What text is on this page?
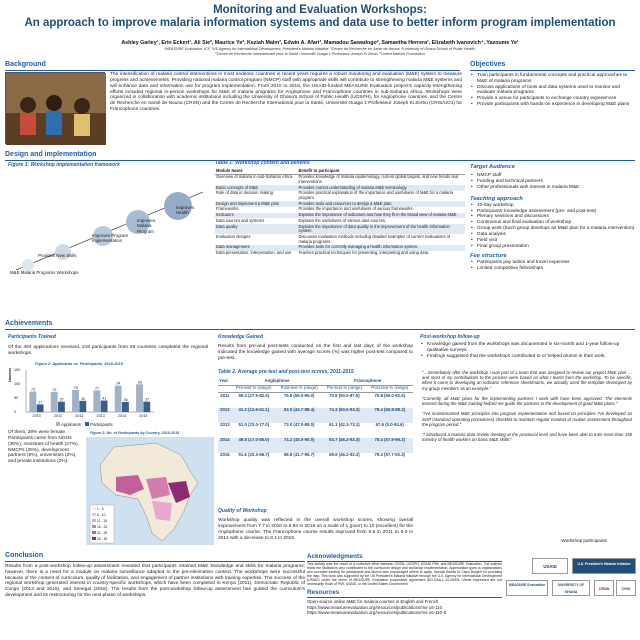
Monitoring and Evaluation Workshops:
An approach to improve malaria information systems and data use to better inform program implementation
Ashley Garley¹, Erin Eckert¹, Ali Sie², Maurice Ye², Keziah Malm³, Edwin A. Afari³, Mamadou Sawadogo², Samantha Herrera¹, Elizabeth Ivanovich⁴, Yazoume Ye¹
¹MEASURE Evaluation, ICF, ²US Agency for International Development, President's Malaria Initiative, ³Centre de Recherche en Santé de Nouna, ⁴University of Ghana School of Public Health,
⁵Centre de Recherche Internationale pour la Santé Université Ouaga 1 Professeur Joseph Ki Zerbo, ⁶United Nations Foundation
Background

The intensification of malaria control interventions in most endemic countries in recent years requires a robust monitoring and evaluation (M&E) system to measure progress and achievements. Providing national malaria control program (NMCP) staff with appropriate skills will contribute to strengthening malaria M&E systems and will enhance data and information use for program implementation. From 2010 to 2015, the USAID-funded MEASURE Evaluation project's capacity-strengthening efforts included regional in-person workshops for M&E of malaria programs for Anglophone and Francophone countries in sub-Saharan Africa. Workshops were organized in collaboration with academic institutions including the University of Ghana's School of Public Health (UGSPH), for Anglophone countries, and the Centre de Recherche en Santé de Nouna (CRSN) and the Centre de Recherche International pour la Santé, Université Ouaga 1 Professeur Joseph Ki Zerbo (CRIS/UO1) for Francophone countries.

Objectives
• Train participants in fundamental concepts and practical approaches to M&E of malaria programs
• Discuss applications of tools and data systems used to monitor and evaluate malaria programs
• Provide a venue for participants to exchange country experiences
• Provide participants with hands-on experience in developing M&E plans
Design and implementation
Figure 1: Workshop implementation framework
M&E Malaria Programs Workshops
Provides New Skills
Improves Program Implementation
Improves Malaria Program
Improves Health
Table 1: Workshop content and benefits
Module Name	Benefit to participant
Overview of malaria in sub-Saharan Africa	Provides knowledge of malaria epidemiology, current global targets, and new trends and interventions.
Basic concepts of M&E	Provides correct understanding of malaria M&E terminology.
Role of data in decision making	Provides practical explanation of the importance and usefulness of M&E for a malaria program.
Design and implement a M&E plan	Provides tools and resources to design a M&E plan.
Frameworks	Provides the importance and usefulness of various frameworks.
Indicators	Explains the importance of indicators and how they fit in the broad view of malaria M&E.
Data sources and systems	Explains the usefulness of various data sources.
Data quality	Explains the importance of data quality in the improvement of the health information system.
Evaluation designs	Discusses evaluation methods including detailed examples of current evaluations of malaria programs.
Data management	Provides tools for correctly managing a health information system.
Data presentation, interpretation, and use	Teaches practical techniques for presenting, interpreting and using data.
Target Audience
• NMCP staff
• Funding and technical partners
• Other professionals with interest in malaria M&E
Teaching approach
• 10-day workshop
• Participants' knowledge assessment (pre- and post-test)
• Plenary sessions and discussions
• Continuous and final evaluation of workshop
• Group work (Each group develops an M&E plan for a malaria intervention)
• Data analysis
• Field visit
• Final group presentation
Fee structure
• Participants pay tuition and travel expenses
• Limited competitive fellowships
Achievements
Participants Trained

Of the 494 applications received, 218 participants from 28 countries completed the regional workshops.

Figure 2: Applicants vs. Participants, 2010-2015
73
27
2010
72
37
2011
79
40
2012
77
41
2013
94
36
2014
99
37
2015
Number
0
50
100
150
Applicants Participants

Of them, 28% were female. Participants came from NGOs (36%), ministries of health (27%), NMCPs (25%), development partners (8%), universities (2%), and private institutions (2%).

Figure 3: No. of Participants by Country, 2010-2015
1 - 5
6 - 10
11 - 15
16 - 20
21 - 25
26 - 30
Knowledge Gained

Results from pre-and post-tests conducted on the first and last days of the workshop indicated the knowledge gained with average scores (%) was higher post-test compared to pre-test.

Table 2. Average pre-test and post-test scores, 2011-2015
Year	Anglophone		Francophone	
	Pre-test % (range)	Post-test % (range)	Pre-test % (range)	Post-test % (range)
2011	59.3 (27.5-82.5)	75.8 (55.0-95.0)	70.9 (50.0-87.5)	75.8 (60.0-92.5)
2012	41.2 (12.6-61.1)	63.0 (44.7-88.4)	74.3 (50.0-93.3)	79.4 (60.8-88.3)
2013	51.0 (23.0-77.0)	73.0 (47.0-88.0)	61.1 (42.3-73.1)	67.6 (0.0-84.6)
2014	49.8 (17.0-85.0)	74.2 (45.0-90.0)	63.7 (46.2-92.3)	75.4 (57.9-96.2)
2015	51.6 (23.3-66.7)	68.8 (41.7-96.7)	69.9 (46.2-92.3)	79.4 (57.7-92.3)
Quality of Workshop

Workshop quality was reflected in the overall workshop scores, showing overall improvement from 7.7 in 2010 to 8.94 in 2015 on a scale of 1 (poor) to 10 (excellent) for the Anglophone course. The Francophone course results improved from 8.5 in 2011 to 9.3 in 2014 with a decrease to 8.1 in 2015.

Post-workshop follow-up
• Knowledge gained from the workshops was documented in six-month and 1-year follow-up qualitative surveys.
• Findings suggested that the workshops contributed to or helped alumni in their work.

"…immediately after the workshop I was part of a team that was assigned to review our project M&E plan … and most of my contributions to the process were based on what I learnt from the workshop. To be specific, when it came to developing an indicator reference sheet/matrix, we actually used the template developed by my group members as an example."

"Currently, all M&E plans for the implementing partners I work with have been approved. The elements learned during the M&E training helped me guide the partners in the development of good M&E plans."

"I've mainstreamed M&E principles into program implementation and based on principles I've developed an SOP (standard operating procedures) checklist to maintain regular conduct of routine assessment throughout the program period."

"I introduced a malaria data review meeting at the provincial level and have been able to train more than 150 ministry of health workers on basic M&E skills."

-Workshop participants
Conclusion

Results from a post-workshop follow-up assessment revealed that participants retained M&E knowledge and skills for malaria programs; however, there is a need for a module on malaria surveillance adapted to the pre-elimination context. The workshops were successful because of the content of curriculum, quality of facilitation, and engagement of partner institutions with training expertise. The success of the regional workshop generated interest in country-specific workshops, which have been completed in Kenya (2011), Democratic Republic of Congo (2013 and 2015), and Senegal (2016). The results from the post-workshop follow-up assessment has guided the curriculum's development and its restructuring for the next phase of workshops.

Acknowledgments

This activity was the result of a collective effort between CRSN, UGSPH, USAID PMI, and MEASURE Evaluation. The authors thank the facilitators who contributed to the curriculum design and workshop implementation. Appreciation goes to organizations who provided funding for participants and alumni who encouraged others to apply. Special thanks to Clara Burgert for providing the map. This work was supported by the US President's Malaria Initiative through the U.S. Agency for International Development (USAID) under the terms of MEASURE Evaluation cooperative agreement AID-OAA-L-14-00004. Views expressed are not necessarily those of PMI, USAID, or the United States Government.

Resources
Open-source online M&E for malaria courses in English and French
https://www.measureevaluation.org/resources/publications/ms-16-110
https://www.measureevaluation.org/resources/publications/ms-16-110-fr
USAID
U.S. President's Malaria Initiative
MEASURE Evaluation	UNIVERSITY OF GHANA
CRSN	CRIS
